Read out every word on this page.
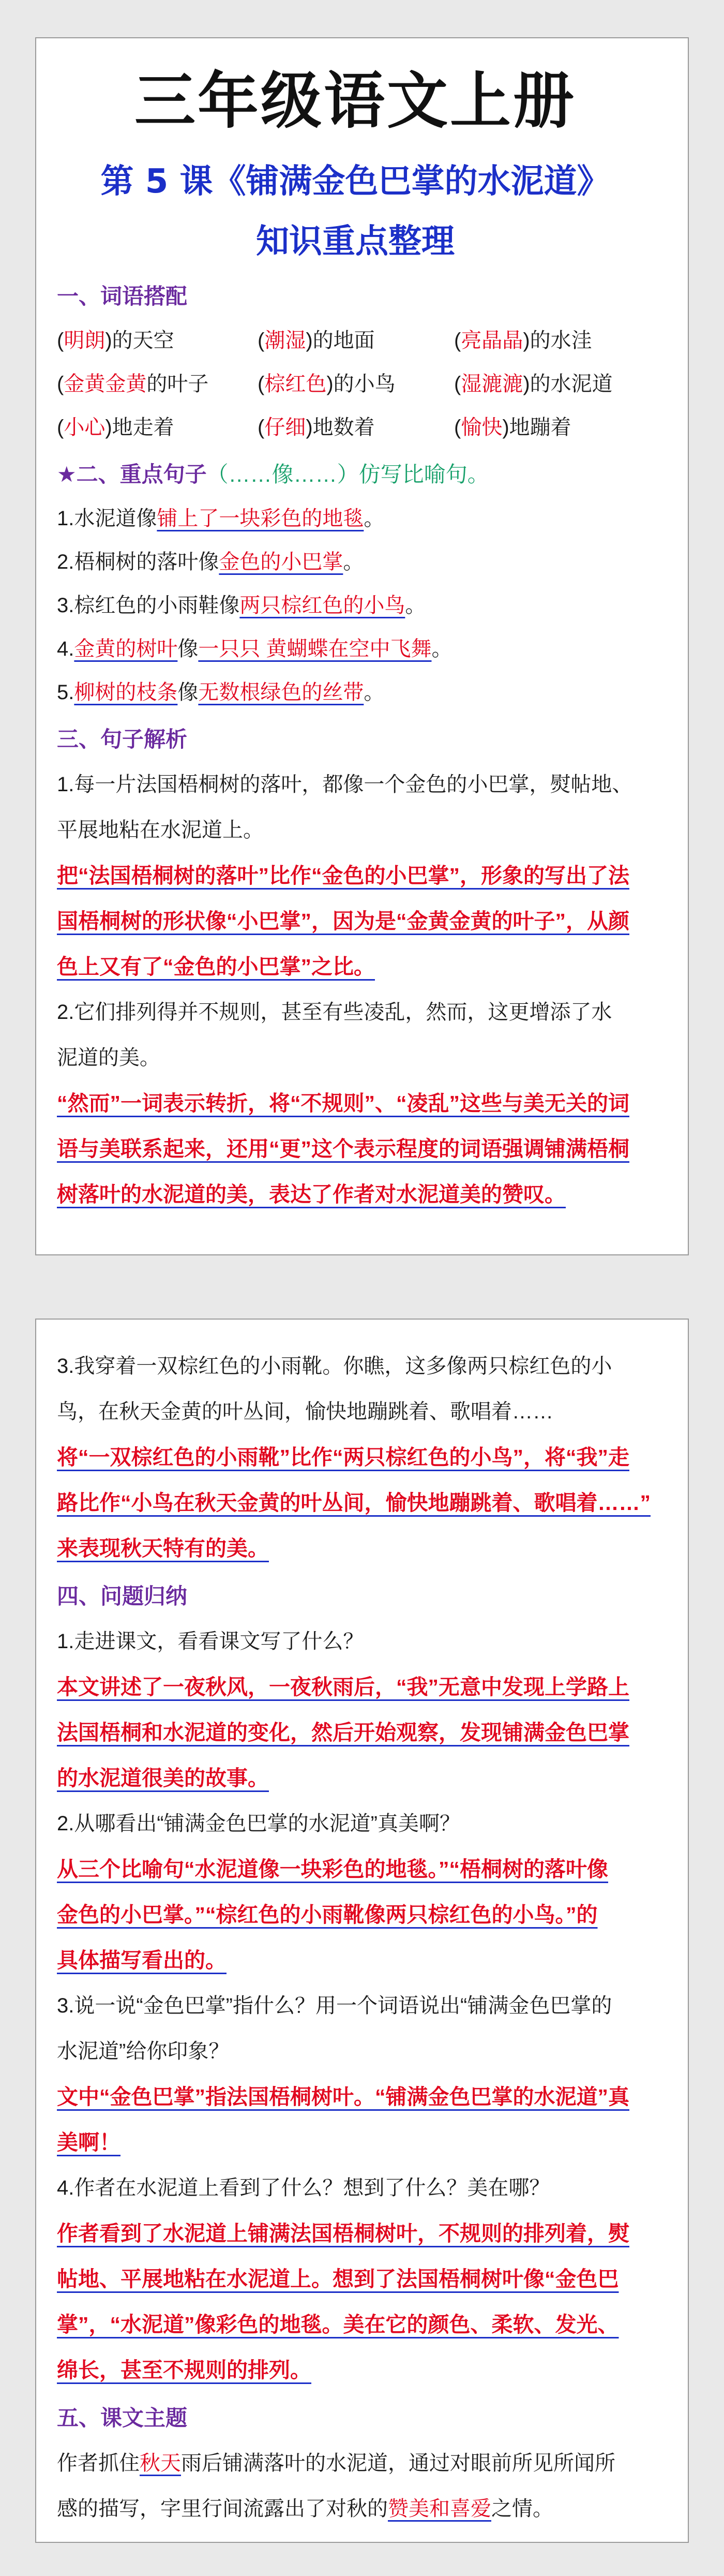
三年级语文上册
第 5 课《铺满金色巴掌的水泥道》
知识重点整理
一、词语搭配
(明朗)的天空	(潮湿)的地面	(亮晶晶)的水洼
(金黄金黄的叶子	(棕红色)的小鸟	(湿漉漉)的水泥道
(小心)地走着	(仔细)地数着	(愉快)地蹦着
★二、重点句子（……像……）仿写比喻句。
1.水泥道像铺上了一块彩色的地毯。
2.梧桐树的落叶像金色的小巴掌。
3.棕红色的小雨鞋像两只棕红色的小鸟。
4.金黄的树叶像一只只 黄蝴蝶在空中飞舞。
5.柳树的枝条像无数根绿色的丝带。
三、句子解析
1.每一片法国梧桐树的落叶，都像一个金色的小巴掌，熨帖地、
平展地粘在水泥道上。
把“法国梧桐树的落叶”比作“金色的小巴掌”，形象的写出了法
国梧桐树的形状像“小巴掌”，因为是“金黄金黄的叶子”，从颜
色上又有了“金色的小巴掌”之比。
2.它们排列得并不规则，甚至有些凌乱，然而，这更增添了水
泥道的美。
“然而”一词表示转折，将“不规则”、“凌乱”这些与美无关的词
语与美联系起来，还用“更”这个表示程度的词语强调铺满梧桐
树落叶的水泥道的美，表达了作者对水泥道美的赞叹。
3.我穿着一双棕红色的小雨靴。你瞧，这多像两只棕红色的小
鸟，在秋天金黄的叶丛间，愉快地蹦跳着、歌唱着……
将“一双棕红色的小雨靴”比作“两只棕红色的小鸟”，将“我”走
路比作“小鸟在秋天金黄的叶丛间，愉快地蹦跳着、歌唱着……”
来表现秋天特有的美。
四、问题归纳
1.走进课文，看看课文写了什么？
本文讲述了一夜秋风，一夜秋雨后，“我”无意中发现上学路上
法国梧桐和水泥道的变化，然后开始观察，发现铺满金色巴掌
的水泥道很美的故事。
2.从哪看出“铺满金色巴掌的水泥道”真美啊？
从三个比喻句“水泥道像一块彩色的地毯。”“梧桐树的落叶像
金色的小巴掌。”“棕红色的小雨靴像两只棕红色的小鸟。”的
具体描写看出的。
3.说一说“金色巴掌”指什么？用一个词语说出“铺满金色巴掌的
水泥道”给你印象？
文中“金色巴掌”指法国梧桐树叶。“铺满金色巴掌的水泥道”真
美啊！
4.作者在水泥道上看到了什么？想到了什么？美在哪？
作者看到了水泥道上铺满法国梧桐树叶，不规则的排列着，熨
帖地、平展地粘在水泥道上。想到了法国梧桐树叶像“金色巴
掌”，“水泥道”像彩色的地毯。美在它的颜色、柔软、发光、
绵长，甚至不规则的排列。
五、课文主题
作者抓住秋天雨后铺满落叶的水泥道，通过对眼前所见所闻所
感的描写，字里行间流露出了对秋的赞美和喜爱之情。
